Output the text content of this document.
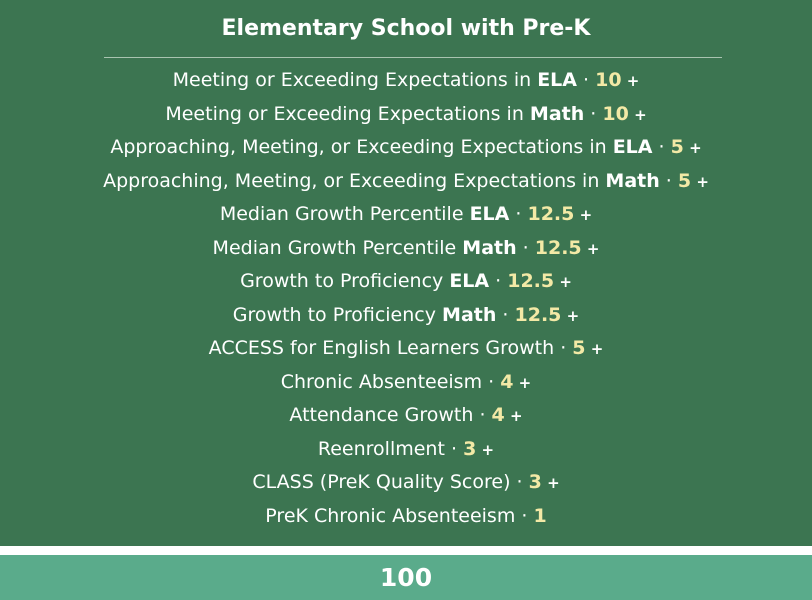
Elementary School with Pre-K
Meeting or Exceeding Expectations in ELA · 10 +
Meeting or Exceeding Expectations in Math · 10 +
Approaching, Meeting, or Exceeding Expectations in ELA · 5 +
Approaching, Meeting, or Exceeding Expectations in Math · 5 +
Median Growth Percentile ELA · 12.5 +
Median Growth Percentile Math · 12.5 +
Growth to Proficiency ELA · 12.5 +
Growth to Proficiency Math · 12.5 +
ACCESS for English Learners Growth · 5 +
Chronic Absenteeism · 4 +
Attendance Growth · 4 +
Reenrollment · 3 +
CLASS (PreK Quality Score) · 3 +
PreK Chronic Absenteeism · 1
100
